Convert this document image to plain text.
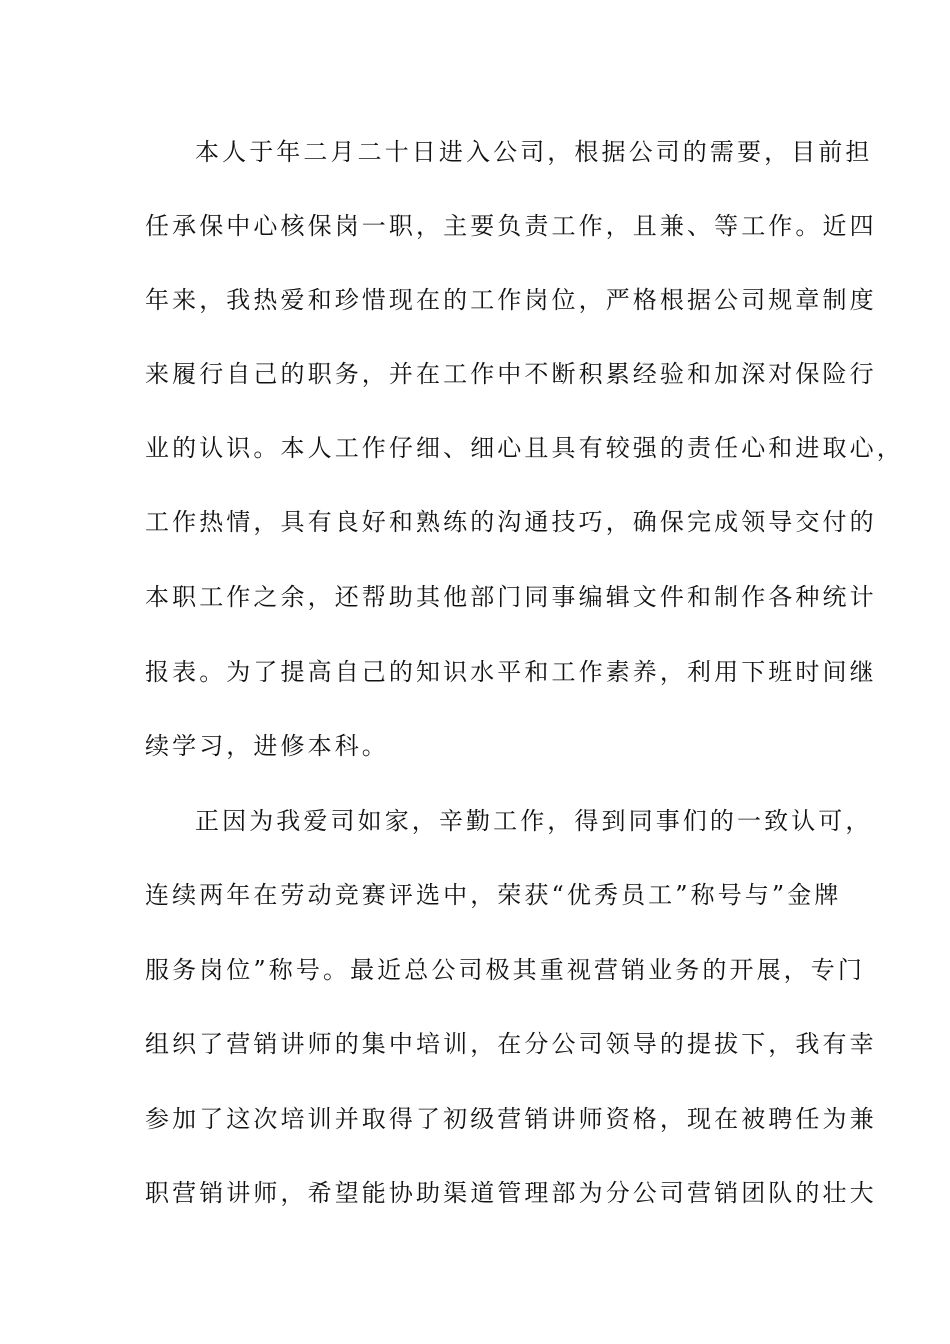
本人于年二月二十日进入公司，根据公司的需要，目前担
任承保中心核保岗一职，主要负责工作，且兼、等工作。近四
年来，我热爱和珍惜现在的工作岗位，严格根据公司规章制度
来履行自己的职务，并在工作中不断积累经验和加深对保险行
业的认识。本人工作仔细、细心且具有较强的责任心和进取心，
工作热情，具有良好和熟练的沟通技巧，确保完成领导交付的
本职工作之余，还帮助其他部门同事编辑文件和制作各种统计
报表。为了提高自己的知识水平和工作素养，利用下班时间继
续学习，进修本科。
正因为我爱司如家，辛勤工作，得到同事们的一致认可，
连续两年在劳动竞赛评选中，荣获“优秀员工”称号与”金牌
服务岗位”称号。最近总公司极其重视营销业务的开展，专门
组织了营销讲师的集中培训，在分公司领导的提拔下，我有幸
参加了这次培训并取得了初级营销讲师资格，现在被聘任为兼
职营销讲师，希望能协助渠道管理部为分公司营销团队的壮大
